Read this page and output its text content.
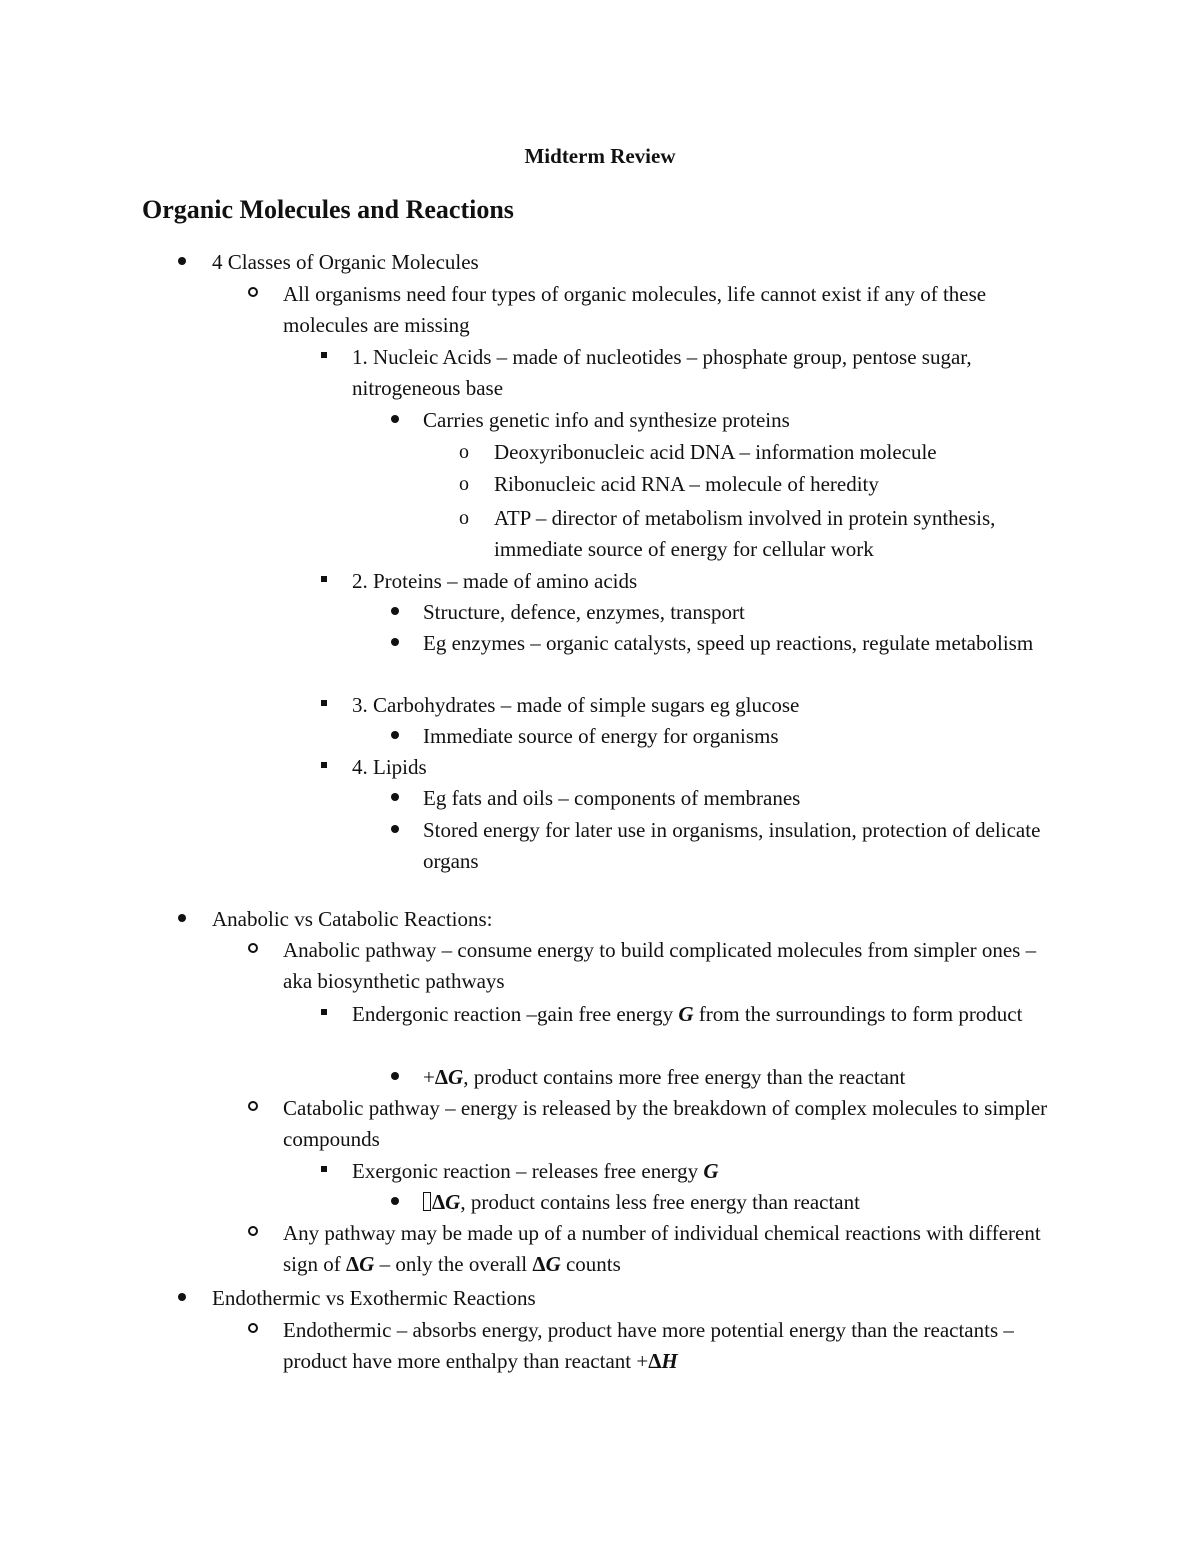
Midterm Review
Organic Molecules and Reactions
4 Classes of Organic Molecules
All organisms need four types of organic molecules, life cannot exist if any of these molecules are missing
1. Nucleic Acids – made of nucleotides – phosphate group, pentose sugar, nitrogeneous base
Carries genetic info and synthesize proteins
o	Deoxyribonucleic acid DNA – information molecule
o	Ribonucleic acid RNA – molecule of heredity
o	ATP – director of metabolism involved in protein synthesis, immediate source of energy for cellular work
2. Proteins – made of amino acids
Structure, defence, enzymes, transport
Eg enzymes – organic catalysts, speed up reactions, regulate metabolism
3. Carbohydrates – made of simple sugars eg glucose
Immediate source of energy for organisms
4. Lipids
Eg fats and oils – components of membranes
Stored energy for later use in organisms, insulation, protection of delicate organs
Anabolic vs Catabolic Reactions:
Anabolic pathway – consume energy to build complicated molecules from simpler ones – aka biosynthetic pathways
Endergonic reaction –gain free energy G from the surroundings to form product
+ΔG, product contains more free energy than the reactant
Catabolic pathway – energy is released by the breakdown of complex molecules to simpler compounds
Exergonic reaction – releases free energy G
ΔG, product contains less free energy than reactant
Any pathway may be made up of a number of individual chemical reactions with different sign of ΔG – only the overall ΔG counts
Endothermic vs Exothermic Reactions
Endothermic – absorbs energy, product have more potential energy than the reactants – product have more enthalpy than reactant +ΔH
